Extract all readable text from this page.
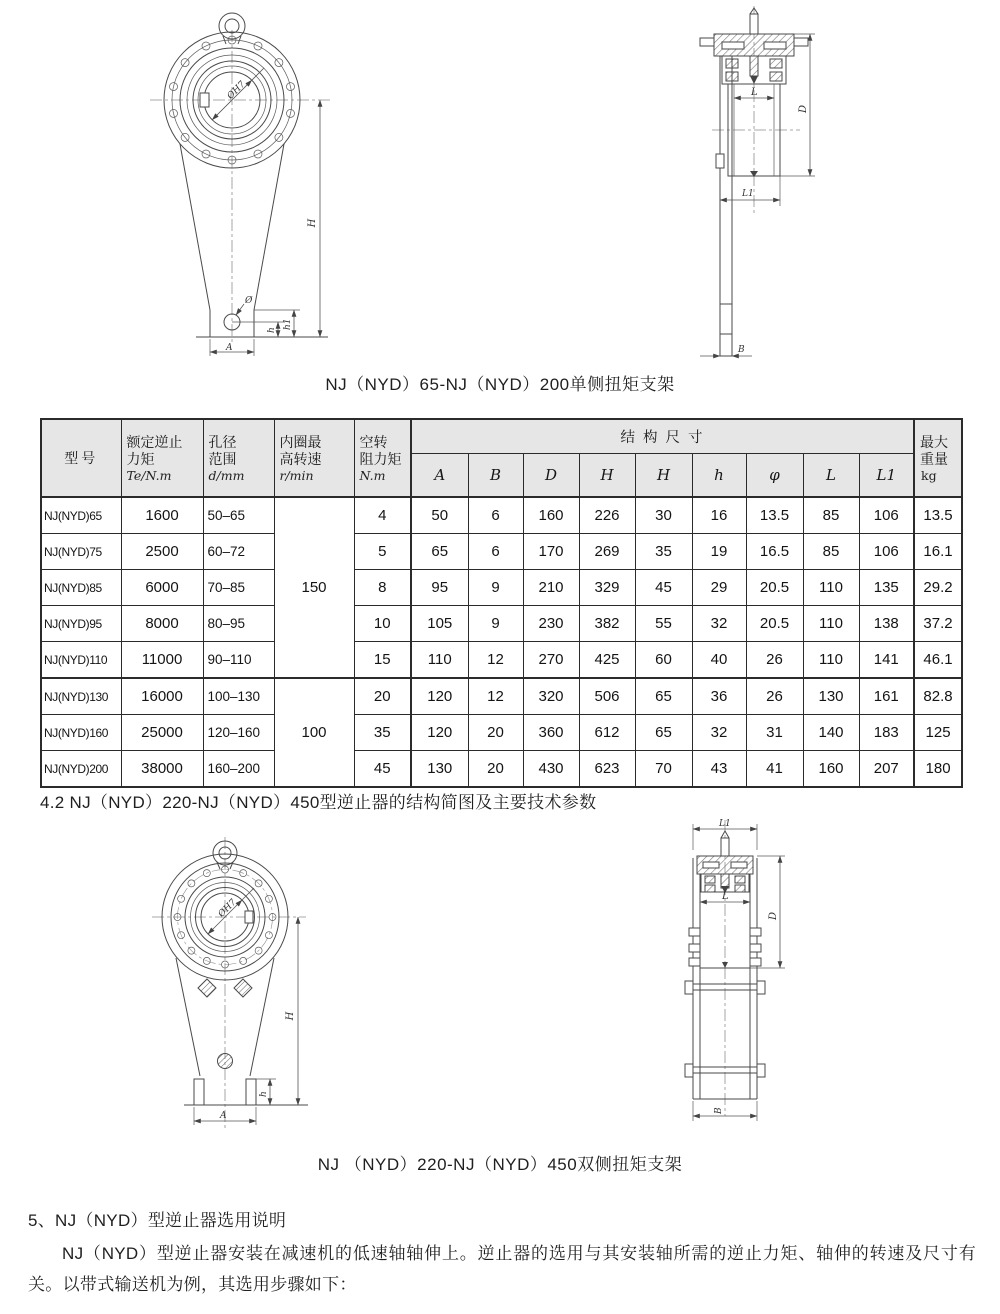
ØH7
Ø
h
h1
H
A
L
D
L1
B
NJ（NYD）65-NJ（NYD）200单侧扭矩支架
型号

额定逆止
力矩
Te/N.m

孔径
范围
d/mm

内圈最
高转速
r/min

空转
阻力矩
N.m
	结 构 尺 寸	最大
重量
kg

					A	B	D	H	H	h	φ	L	L1	
NJ(NYD)65	1600	50–65	150	4	50	6	160	226	30	16	13.5	85	106	13.5
NJ(NYD)75	2500	60–72		5	65	6	170	269	35	19	16.5	85	106	16.1
NJ(NYD)85	6000	70–85		8	95	9	210	329	45	29	20.5	110	135	29.2
NJ(NYD)95	8000	80–95		10	105	9	230	382	55	32	20.5	110	138	37.2
NJ(NYD)110	11000	90–110		15	110	12	270	425	60	40	26	110	141	46.1
NJ(NYD)130	16000	100–130	100	20	120	12	320	506	65	36	26	130	161	82.8
NJ(NYD)160	25000	120–160		35	120	20	360	612	65	32	31	140	183	125
NJ(NYD)200	38000	160–200		45	130	20	430	623	70	43	41	160	207	180
4.2 NJ（NYD）220-NJ（NYD）450型逆止器的结构简图及主要技术参数
ØH7
H
h
A
L1
L
D
B
NJ （NYD）220-NJ（NYD）450双侧扭矩支架
5、NJ（NYD）型逆止器选用说明
NJ（NYD）型逆止器安装在减速机的低速轴轴伸上。逆止器的选用与其安装轴所需的逆止力矩、轴伸的转速及尺寸有关。以带式输送机为例，其选用步骤如下：
